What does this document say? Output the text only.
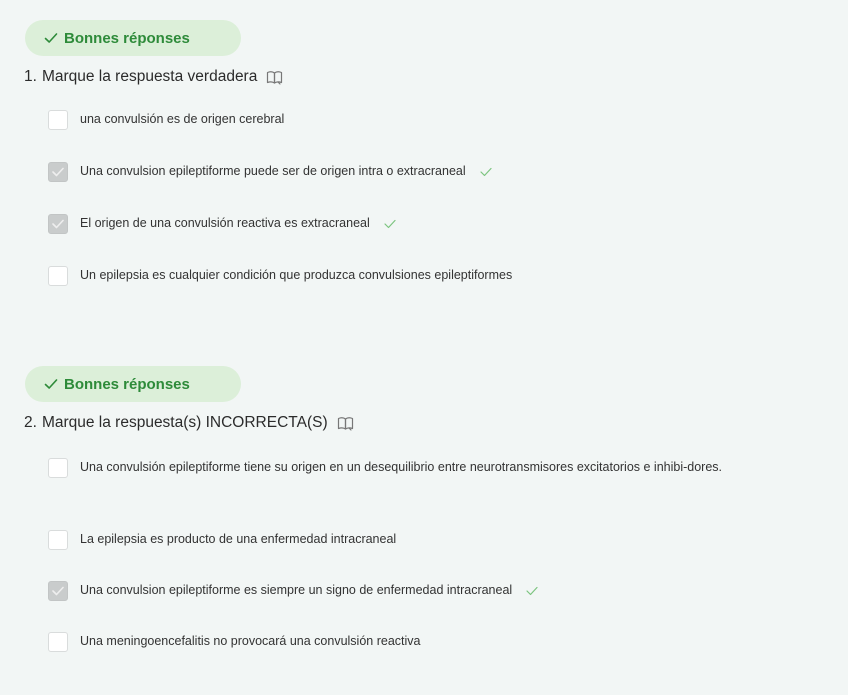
Bonnes réponses
1. Marque la respuesta verdadera
una convulsión es de origen cerebral
Una convulsion epileptiforme puede ser de origen intra o extracraneal
El origen de una convulsión reactiva es extracraneal
Un epilepsia es cualquier condición que produzca convulsiones epileptiformes
Bonnes réponses
2. Marque la respuesta(s) INCORRECTA(S)
Una convulsión epileptiforme tiene su origen en un desequilibrio entre neurotransmisores excitatorios e inhibi-dores.
La epilepsia es producto de una enfermedad intracraneal
Una convulsion epileptiforme es siempre un signo de enfermedad intracraneal
Una meningoencefalitis no provocará una convulsión reactiva
